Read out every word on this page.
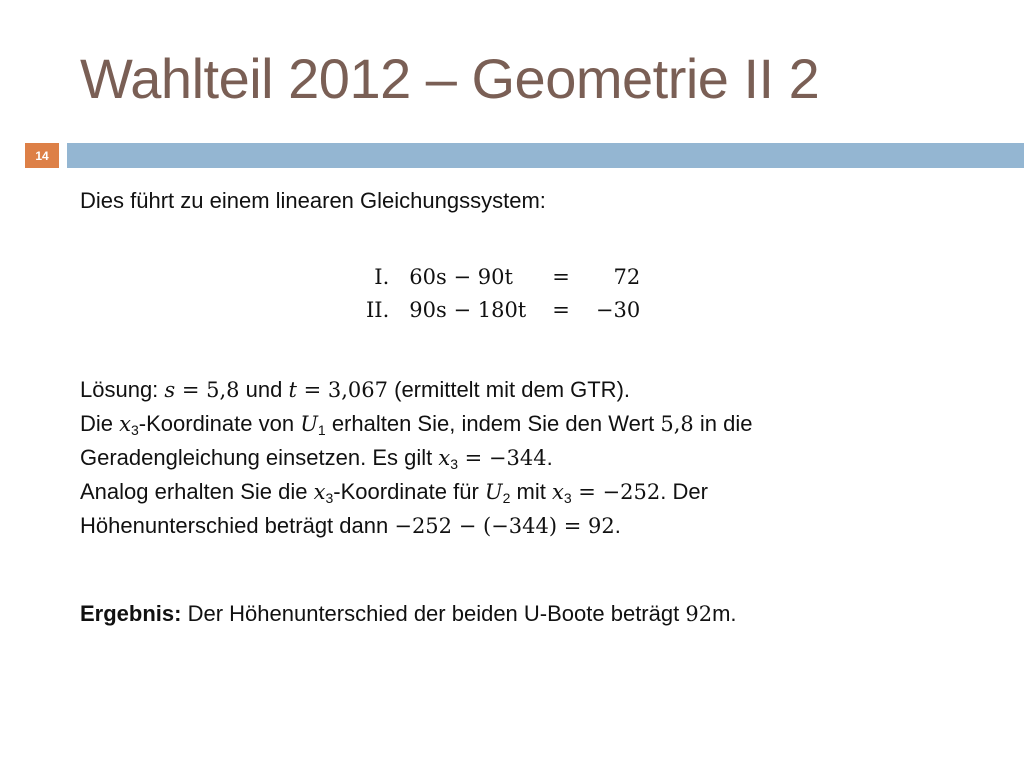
Wahlteil 2012 – Geometrie II 2
14
Dies führt zu einem linearen Gleichungssystem:
I.	60s − 90t	=	72
II.	90s − 180t	=	−30
Lösung: s = 5,8 und t = 3,067 (ermittelt mit dem GTR).
Die $x_3$-Koordinate von $U_1$ erhalten Sie, indem Sie den Wert 5,8 in die
Geradengleichung einsetzen. Es gilt $x_3 = -344$.
Analog erhalten Sie die $x_3$-Koordinate für $U_2$ mit $x_3 = -252$. Der
Höhenunterschied beträgt dann −252 − (−344) = 92.
Ergebnis: Der Höhenunterschied der beiden U-Boote beträgt 92m.
